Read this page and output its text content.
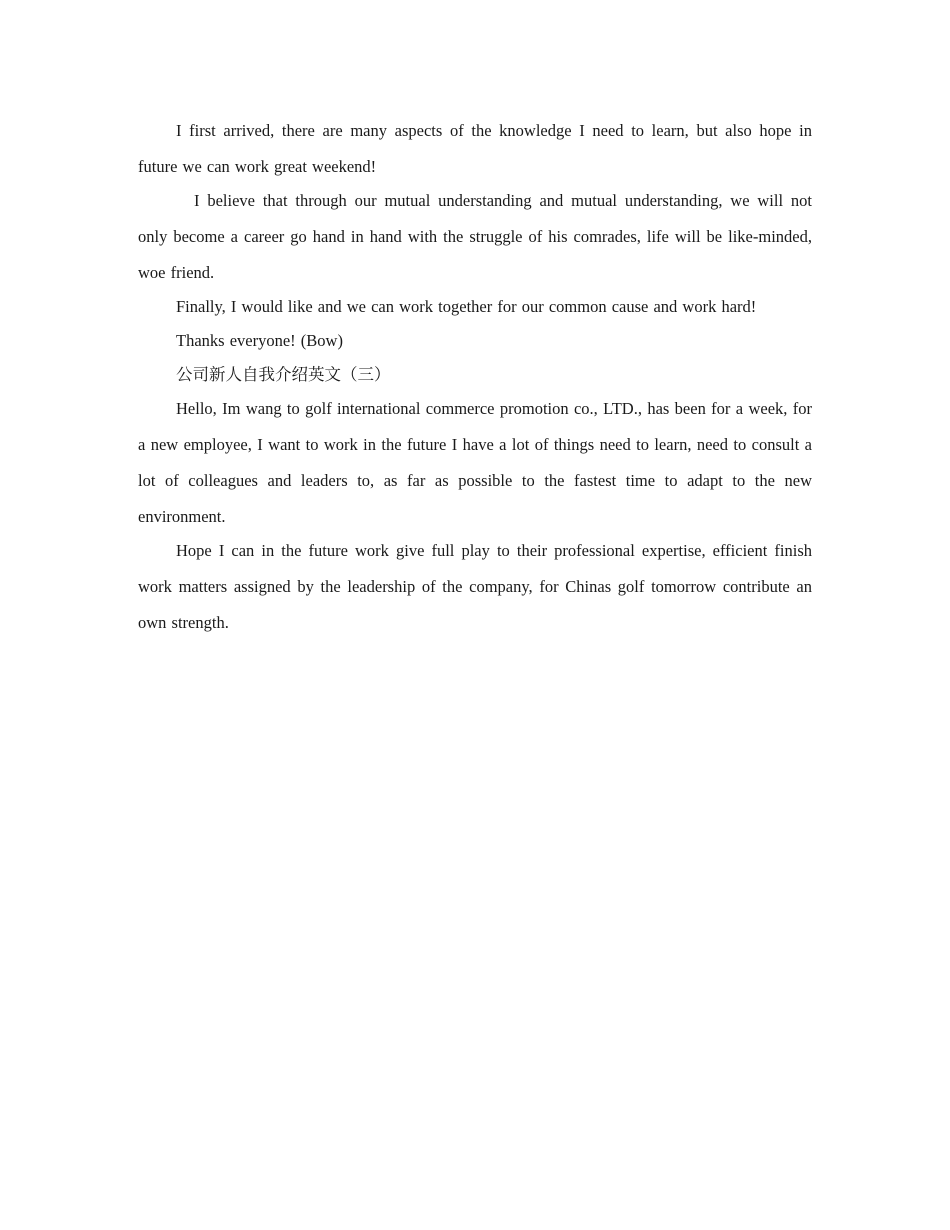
I first arrived, there are many aspects of the knowledge I need to learn, but also hope in future we can work great weekend!

I believe that through our mutual understanding and mutual understanding, we will not only become a career go hand in hand with the struggle of his comrades, life will be like-minded, woe friend.

Finally, I would like and we can work together for our common cause and work hard!

Thanks everyone! (Bow)

公司新人自我介绍英文（三）

Hello, Im wang to golf international commerce promotion co., LTD., has been for a week, for a new employee, I want to work in the future I have a lot of things need to learn, need to consult a lot of colleagues and leaders to, as far as possible to the fastest time to adapt to the new environment.

Hope I can in the future work give full play to their professional expertise, efficient finish work matters assigned by the leadership of the company, for Chinas golf tomorrow contribute an own strength.
